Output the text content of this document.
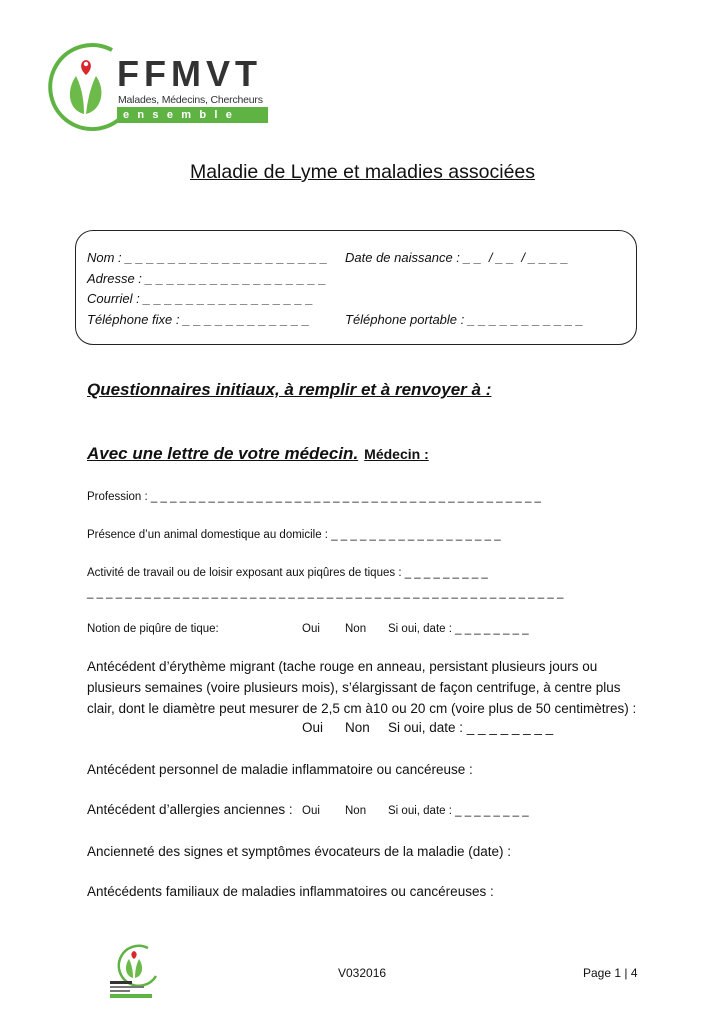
FFMVT
Malades, Médecins, Chercheurs
ensemble
Maladie de Lyme et maladies associées
Nom : _ _ _ _ _ _ _ _ _ _ _ _ _ _ _ _ _ _ _ Date de naissance : _ _  / _ _  / _ _ _ _
Adresse : _ _ _ _ _ _ _ _ _ _ _ _ _ _ _ _ _
Courriel : _ _ _ _ _ _ _ _ _ _ _ _ _ _ _ _
Téléphone fixe : _ _ _ _ _ _ _ _ _ _ _ _	Téléphone portable : _ _ _ _ _ _ _ _ _ _ _
Questionnaires initiaux, à remplir et à renvoyer à :
Avec une lettre de votre médecin. Médecin :
Profession : _ _ _ _ _ _ _ _ _ _ _ _ _ _ _ _ _ _ _ _ _ _ _ _ _ _ _ _ _ _ _ _ _ _ _ _ _ _ _ _ _
Présence d’un animal domestique au domicile : _ _ _ _ _ _ _ _ _ _ _ _ _ _ _ _ _ _
Activité de travail ou de loisir exposant aux piqûres de tiques : _ _ _ _ _ _ _ _ _
_ _ _ _ _ _ _ _ _ _ _ _ _ _ _ _ _ _ _ _ _ _ _ _ _ _ _ _ _ _ _ _ _ _ _ _ _ _ _ _ _ _ _ _ _ _ _ _ _ _
Notion de piqûre de tique:	Oui Non Si oui, date : _ _ _ _ _ _ _ _
Antécédent d’érythème migrant (tache rouge en anneau, persistant plusieurs jours ou plusieurs semaines (voire plusieurs mois), s’élargissant de façon centrifuge, à centre plus clair, dont le diamètre peut mesurer de 2,5 cm à10 ou 20 cm (voire plus de 50 centimètres) :
Oui Non Si oui, date : _ _ _ _ _ _ _ _
Antécédent personnel de maladie inflammatoire ou cancéreuse :
Antécédent d’allergies anciennes : Oui Non Si oui, date : _ _ _ _ _ _ _ _
Ancienneté des signes et symptômes évocateurs de la maladie (date) :
Antécédents familiaux de maladies inflammatoires ou cancéreuses :
V032016	Page 1 | 4
